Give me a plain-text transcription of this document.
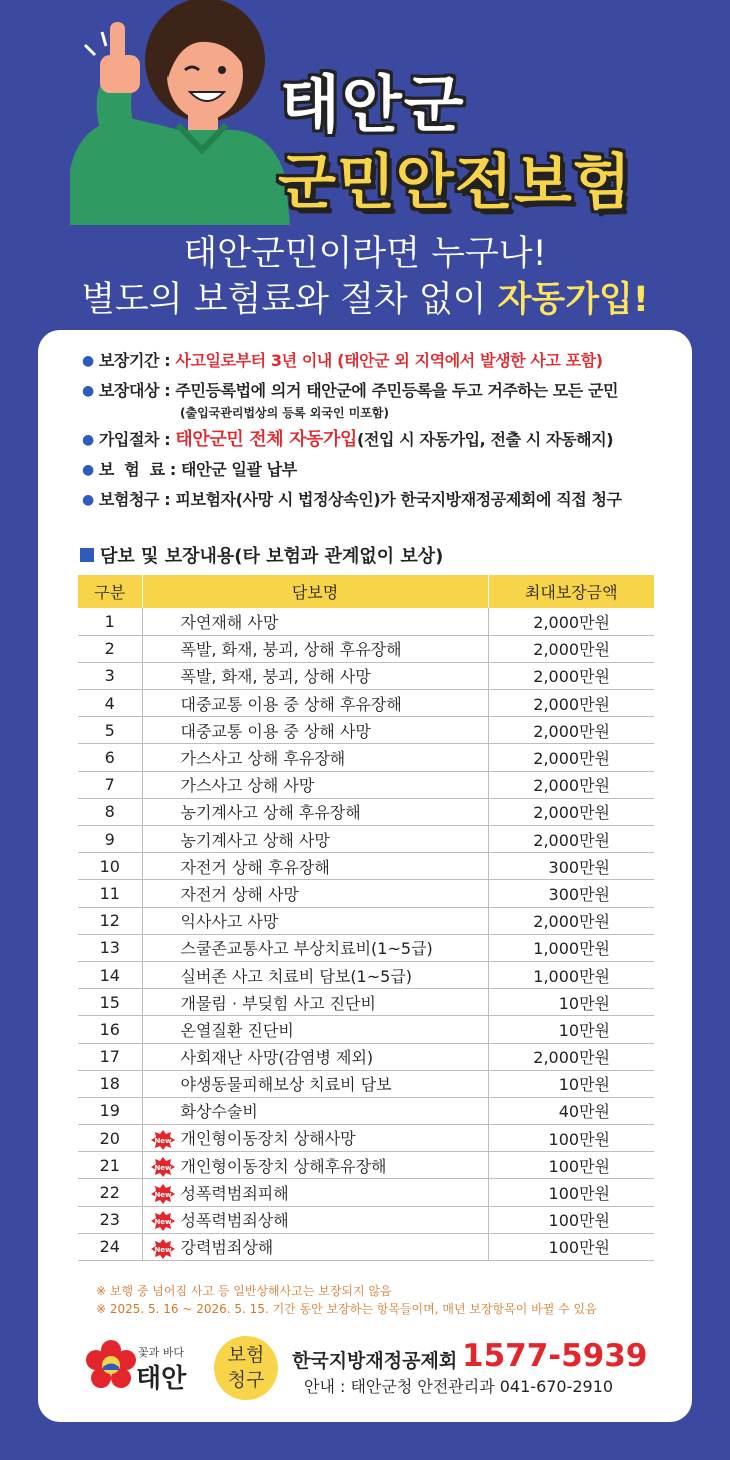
태안군
군민안전보험
태안군민이라면 누구나!
별도의 보험료와 절차 없이 자동가입!
● 보장기간 : 사고일로부터 3년 이내 (태안군 외 지역에서 발생한 사고 포함)
● 보장대상 : 주민등록법에 의거 태안군에 주민등록을 두고 거주하는 모든 군민
(출입국관리법상의 등록 외국인 미포함)
● 가입절차 : 태안군민 전체 자동가입(전입 시 자동가입, 전출 시 자동해지)
● 보  험  료 : 태안군 일괄 납부
● 보험청구 : 피보험자(사망 시 법정상속인)가 한국지방재정공제회에 직접 청구
담보 및 보장내용(타 보험과 관계없이 보상)
구분	담보명	최대보장금액
1	자연재해 사망	2,000만원
2	폭발, 화재, 붕괴, 상해 후유장해	2,000만원
3	폭발, 화재, 붕괴, 상해 사망	2,000만원
4	대중교통 이용 중 상해 후유장해	2,000만원
5	대중교통 이용 중 상해 사망	2,000만원
6	가스사고 상해 후유장해	2,000만원
7	가스사고 상해 사망	2,000만원
8	농기계사고 상해 후유장해	2,000만원
9	농기계사고 상해 사망	2,000만원
10	자전거 상해 후유장해	300만원
11	자전거 상해 사망	300만원
12	익사사고 사망	2,000만원
13	스쿨존교통사고 부상치료비(1~5급)	1,000만원
14	실버존 사고 치료비 담보(1~5급)	1,000만원
15	개물림 · 부딪힘 사고 진단비	10만원
16	온열질환 진단비	10만원
17	사회재난 사망(감염병 제외)	2,000만원
18	야생동물피해보상 치료비 담보	10만원
19	화상수술비	40만원
20	New 개인형이동장치 상해사망	100만원
21	New 개인형이동장치 상해후유장해	100만원
22	New 성폭력범죄피해	100만원
23	New 성폭력범죄상해	100만원
24	New 강력범죄상해	100만원
※ 보행 중 넘어짐 사고 등 일반상해사고는 보장되지 않음
※ 2025. 5. 16 ~ 2026. 5. 15. 기간 동안 보장하는 항목들이며, 매년 보장항목이 바뀔 수 있음
꽃과 바다
태안
보험
청구
한국지방재정공제회 1577-5939
안내 : 태안군청 안전관리과 041-670-2910
